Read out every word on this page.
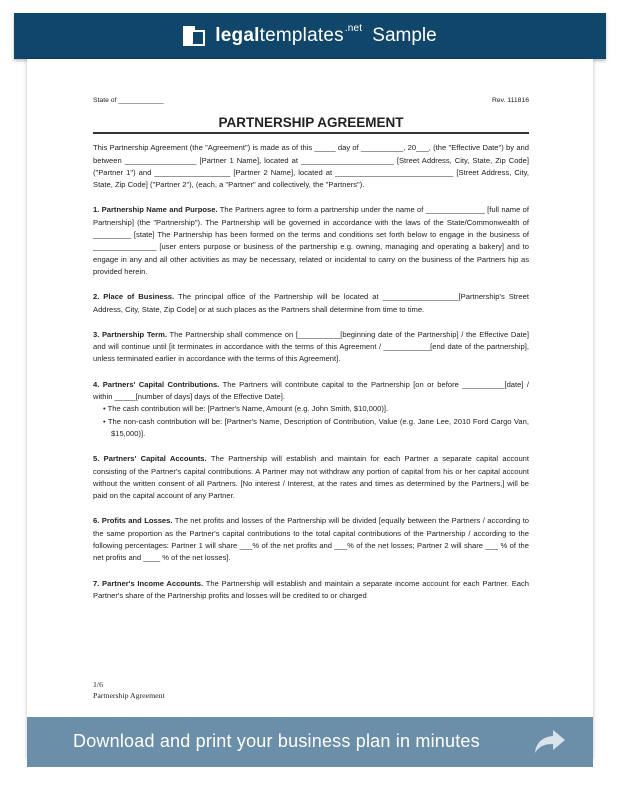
legaltemplates$^{.net}$ Sample
State of ____________	Rev. 111816
PARTNERSHIP AGREEMENT

This Partnership Agreement (the "Agreement") is made as of this _____ day of __________, 20___, (the "Effective Date") by and between _________________ [Partner 1 Name], located at ______________________ [Street Address, City, State, Zip Code] ("Partner 1") and __________________ [Partner 2 Name], located at ____________________________ [Street Address, City, State, Zip Code] ("Partner 2"), (each, a "Partner" and collectively, the "Partners").

1. Partnership Name and Purpose. The Partners agree to form a partnership under the name of ______________ [full name of Partnership] (the "Partnership"). The Partnership will be governed in accordance with the laws of the State/Commonwealth of _________ [state] The Partnership has been formed on the terms and conditions set forth below to engage in the business of _______________ [user enters purpose or business of the partnership e.g. owning, managing and operating a bakery] and to engage in any and all other activities as may be necessary, related or incidental to carry on the business of the Partners hip as provided herein.

2. Place of Business. The principal office of the Partnership will be located at __________________[Partnership's Street Address, City, State, Zip Code] or at such places as the Partners shall determine from time to time.

3. Partnership Term. The Partnership shall commence on [__________[beginning date of the Partnership] / the Effective Date] and will continue until [it terminates in accordance with the terms of this Agreement / ___________[end date of the partnership], unless terminated earlier in accordance with the terms of this Agreement].

4. Partners' Capital Contributions. The Partners will contribute capital to the Partnership [on or before __________[date] / within _____[number of days] days of the Effective Date].
• The cash contribution will be: [Partner's Name, Amount (e.g. John Smith, $10,000)].
• The non-cash contribution will be: [Partner's Name, Description of Contribution, Value (e.g. Jane Lee, 2010 Ford Cargo Van, $15,000)].

5. Partners' Capital Accounts. The Partnership will establish and maintain for each Partner a separate capital account consisting of the Partner's capital contributions. A Partner may not withdraw any portion of capital from his or her capital account without the written consent of all Partners. [No interest / Interest, at the rates and times as determined by the Partners,] will be paid on the capital account of any Partner.

6. Profits and Losses. The net profits and losses of the Partnership will be divided [equally between the Partners / according to the same proportion as the Partner's capital contributions to the total capital contributions of the Partnership / according to the following percentages: Partner 1 will share ___% of the net profits and ___% of the net losses; Partner 2 will share ___ % of the net profits and ____ % of the net losses].

7. Partner's Income Accounts. The Partnership will establish and maintain a separate income account for each Partner. Each Partner's share of the Partnership profits and losses will be credited to or charged

1/6
Partnership Agreement
Download and print your business plan in minutes
